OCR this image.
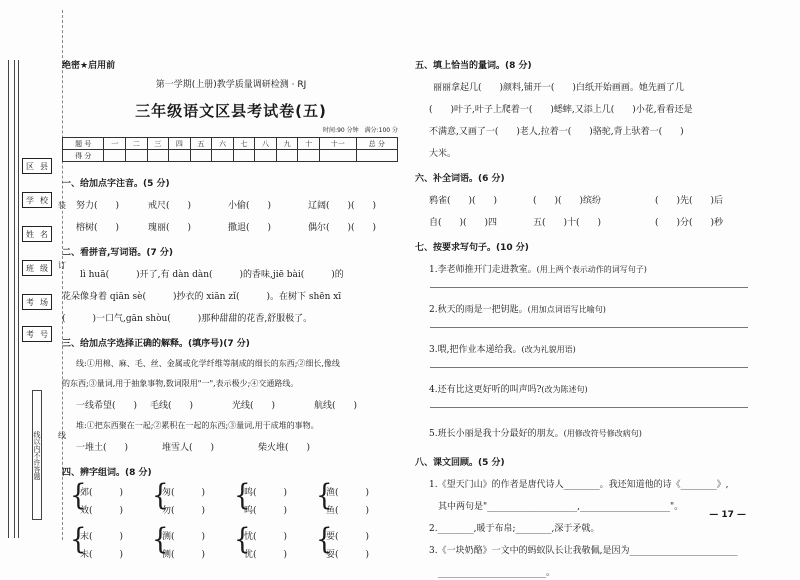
区 县
学 校
姓 名
班 级
考 场
考 号
装
订
线
线以内不许答题
绝密★启用前
第一学期(上册)教学质量调研检测 · RJ
三年级语文区县考试卷(五)
时间:90 分钟　满分:100 分
题 号	一	二	三	四	五	六	七	八	九	十	十一	总 分
得 分												
一、给加点字注音。(5 分)
努力(　　)	戒尺(　　)	小偷(　　)	辽阔(　　)(　　)
榕树(　　)	瑰丽(　　)	撒退(　　)	偶尔(　　)(　　)
二、看拼音,写词语。(7 分)
　　lì huā(　　　)开了,有 dàn dàn(　　　)的香味,jiē bài(　　　)的
花朵像身着 qiān sè(　　　)抄衣的 xiān zǐ(　　　)。在树下 shēn xī
(　　　)一口气,gān shòu(　　　)那种甜甜的花香,舒服极了。
三、给加点字选择正确的解释。(填序号)(7 分)
线:①用棉、麻、毛、丝、金属或化学纤维等制成的细长的东西;②细长,像线
的东西;③量词,用于抽象事物,数词限用"一",表示极少;④交通路线。
一线希望(　　)	毛线(　　)	光线(　　)	航线(　　)
堆:①把东西聚在一起;②累积在一起的东西;③量词,用于成堆的事物。
一堆土(　　)	堆雪人(　　)	柴火堆(　　)
四、辨字组词。(8 分)
{
郊(　　　)
效(　　　)	{
匆(　　　)
勿(　　　)	{
鸣(　　　)
呜(　　　)	{
渔(　　　)
鱼(　　　)
{
末(　　　)
未(　　　)	{
测(　　　)
侧(　　　)	{
忧(　　　)
优(　　　)	{
要(　　　)
耍(　　　)
五、填上恰当的量词。(8 分)
　　丽丽拿起几(　　)颜料,铺开一(　　)白纸开始画画。她先画了几
(　　)叶子,叶子上爬着一(　　)蟋蟀,又添上几(　　)小花,看看还是
不满意,又画了一(　　)老人,拉着一(　　)骆驼,背上驮着一(　　)
大米。
六、补全词语。(6 分)
鸦雀(　　)(　　)	(　　)(　　)缤纷	(　　)先(　　)后
自(　　)(　　)四	五(　　)十(　　)	(　　)分(　　)秒
七、按要求写句子。(10 分)
1.李老师推开门走进教室。(用上两个表示动作的词写句子)
2.秋天的雨是一把钥匙。(用加点词语写比喻句)
3.喂,把作业本递给我。(改为礼貌用语)
4.还有比这更好听的叫声吗?(改为陈述句)
5.班长小丽是我十分最好的朋友。(用修改符号修改病句)
八、课文回顾。(5 分)
1.《望天门山》的作者是唐代诗人________。我还知道他的诗《________》,
　其中两句是"____________________,____________________"。
2.________,暖于布帛;________,深于矛戟。
3.《一块奶酪》一文中的蚂蚁队长让我敬佩,是因为________________________
　________________________。
— 17 —
